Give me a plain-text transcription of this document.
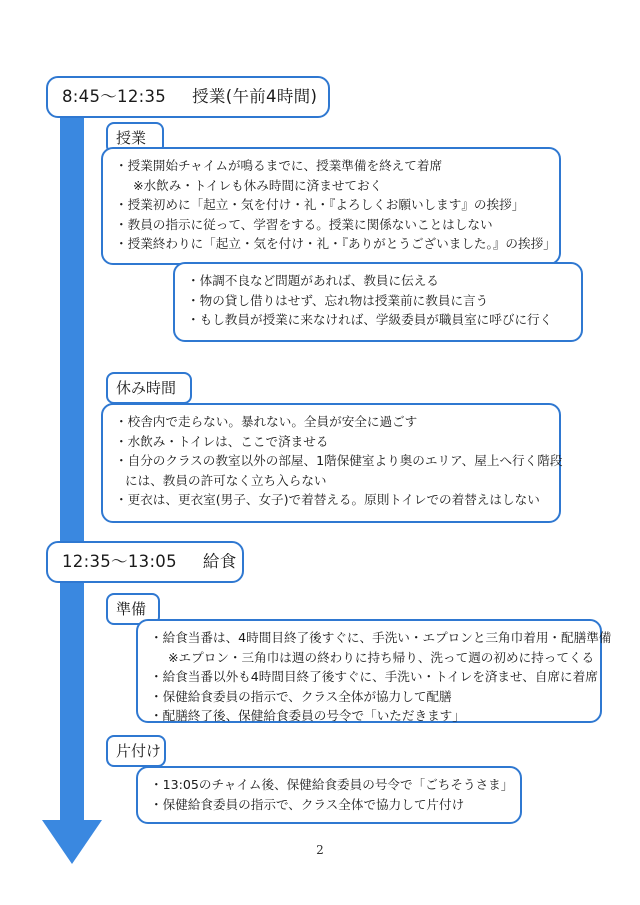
8:45～12:35 授業(午前4時間)
授業
・授業開始チャイムが鳴るまでに、授業準備を終えて着席
※水飲み・トイレも休み時間に済ませておく
・授業初めに「起立・気を付け・礼・『よろしくお願いします』の挨拶」
・教員の指示に従って、学習をする。授業に関係ないことはしない
・授業終わりに「起立・気を付け・礼・『ありがとうございました。』の挨拶」
・体調不良など問題があれば、教員に伝える
・物の貸し借りはせず、忘れ物は授業前に教員に言う
・もし教員が授業に来なければ、学級委員が職員室に呼びに行く
休み時間
・校舎内で走らない。暴れない。全員が安全に過ごす
・水飲み・トイレは、ここで済ませる
・自分のクラスの教室以外の部屋、1階保健室より奥のエリア、屋上へ行く階段
には、教員の許可なく立ち入らない
・更衣は、更衣室(男子、女子)で着替える。原則トイレでの着替えはしない
12:35～13:05 給食
準備
・給食当番は、4時間目終了後すぐに、手洗い・エプロンと三角巾着用・配膳準備
※エプロン・三角巾は週の終わりに持ち帰り、洗って週の初めに持ってくる
・給食当番以外も4時間目終了後すぐに、手洗い・トイレを済ませ、自席に着席
・保健給食委員の指示で、クラス全体が協力して配膳
・配膳終了後、保健給食委員の号令で「いただきます」
片付け
・13:05のチャイム後、保健給食委員の号令で「ごちそうさま」
・保健給食委員の指示で、クラス全体で協力して片付け
2
